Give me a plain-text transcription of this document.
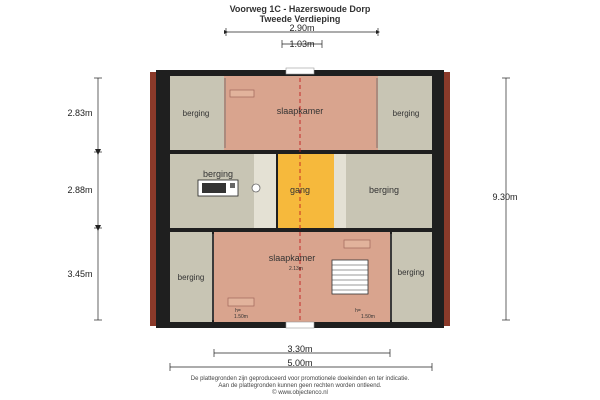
Voorweg 1C - Hazerswoude Dorp
Tweede Verdieping
berging	slaapkamer	berging
berging
gang	berging
berging
slaapkamer
berging
2.13m
h=
1.50m
h=
1.50m
2.90m
1.03m
2.83m
2.88m
3.45m
9.30m
3.30m
5.00m
De plattegronden zijn geproduceerd voor promotionele doeleinden en ter indicatie.
Aan de plattegronden kunnen geen rechten worden ontleend.
© www.objectenco.nl
